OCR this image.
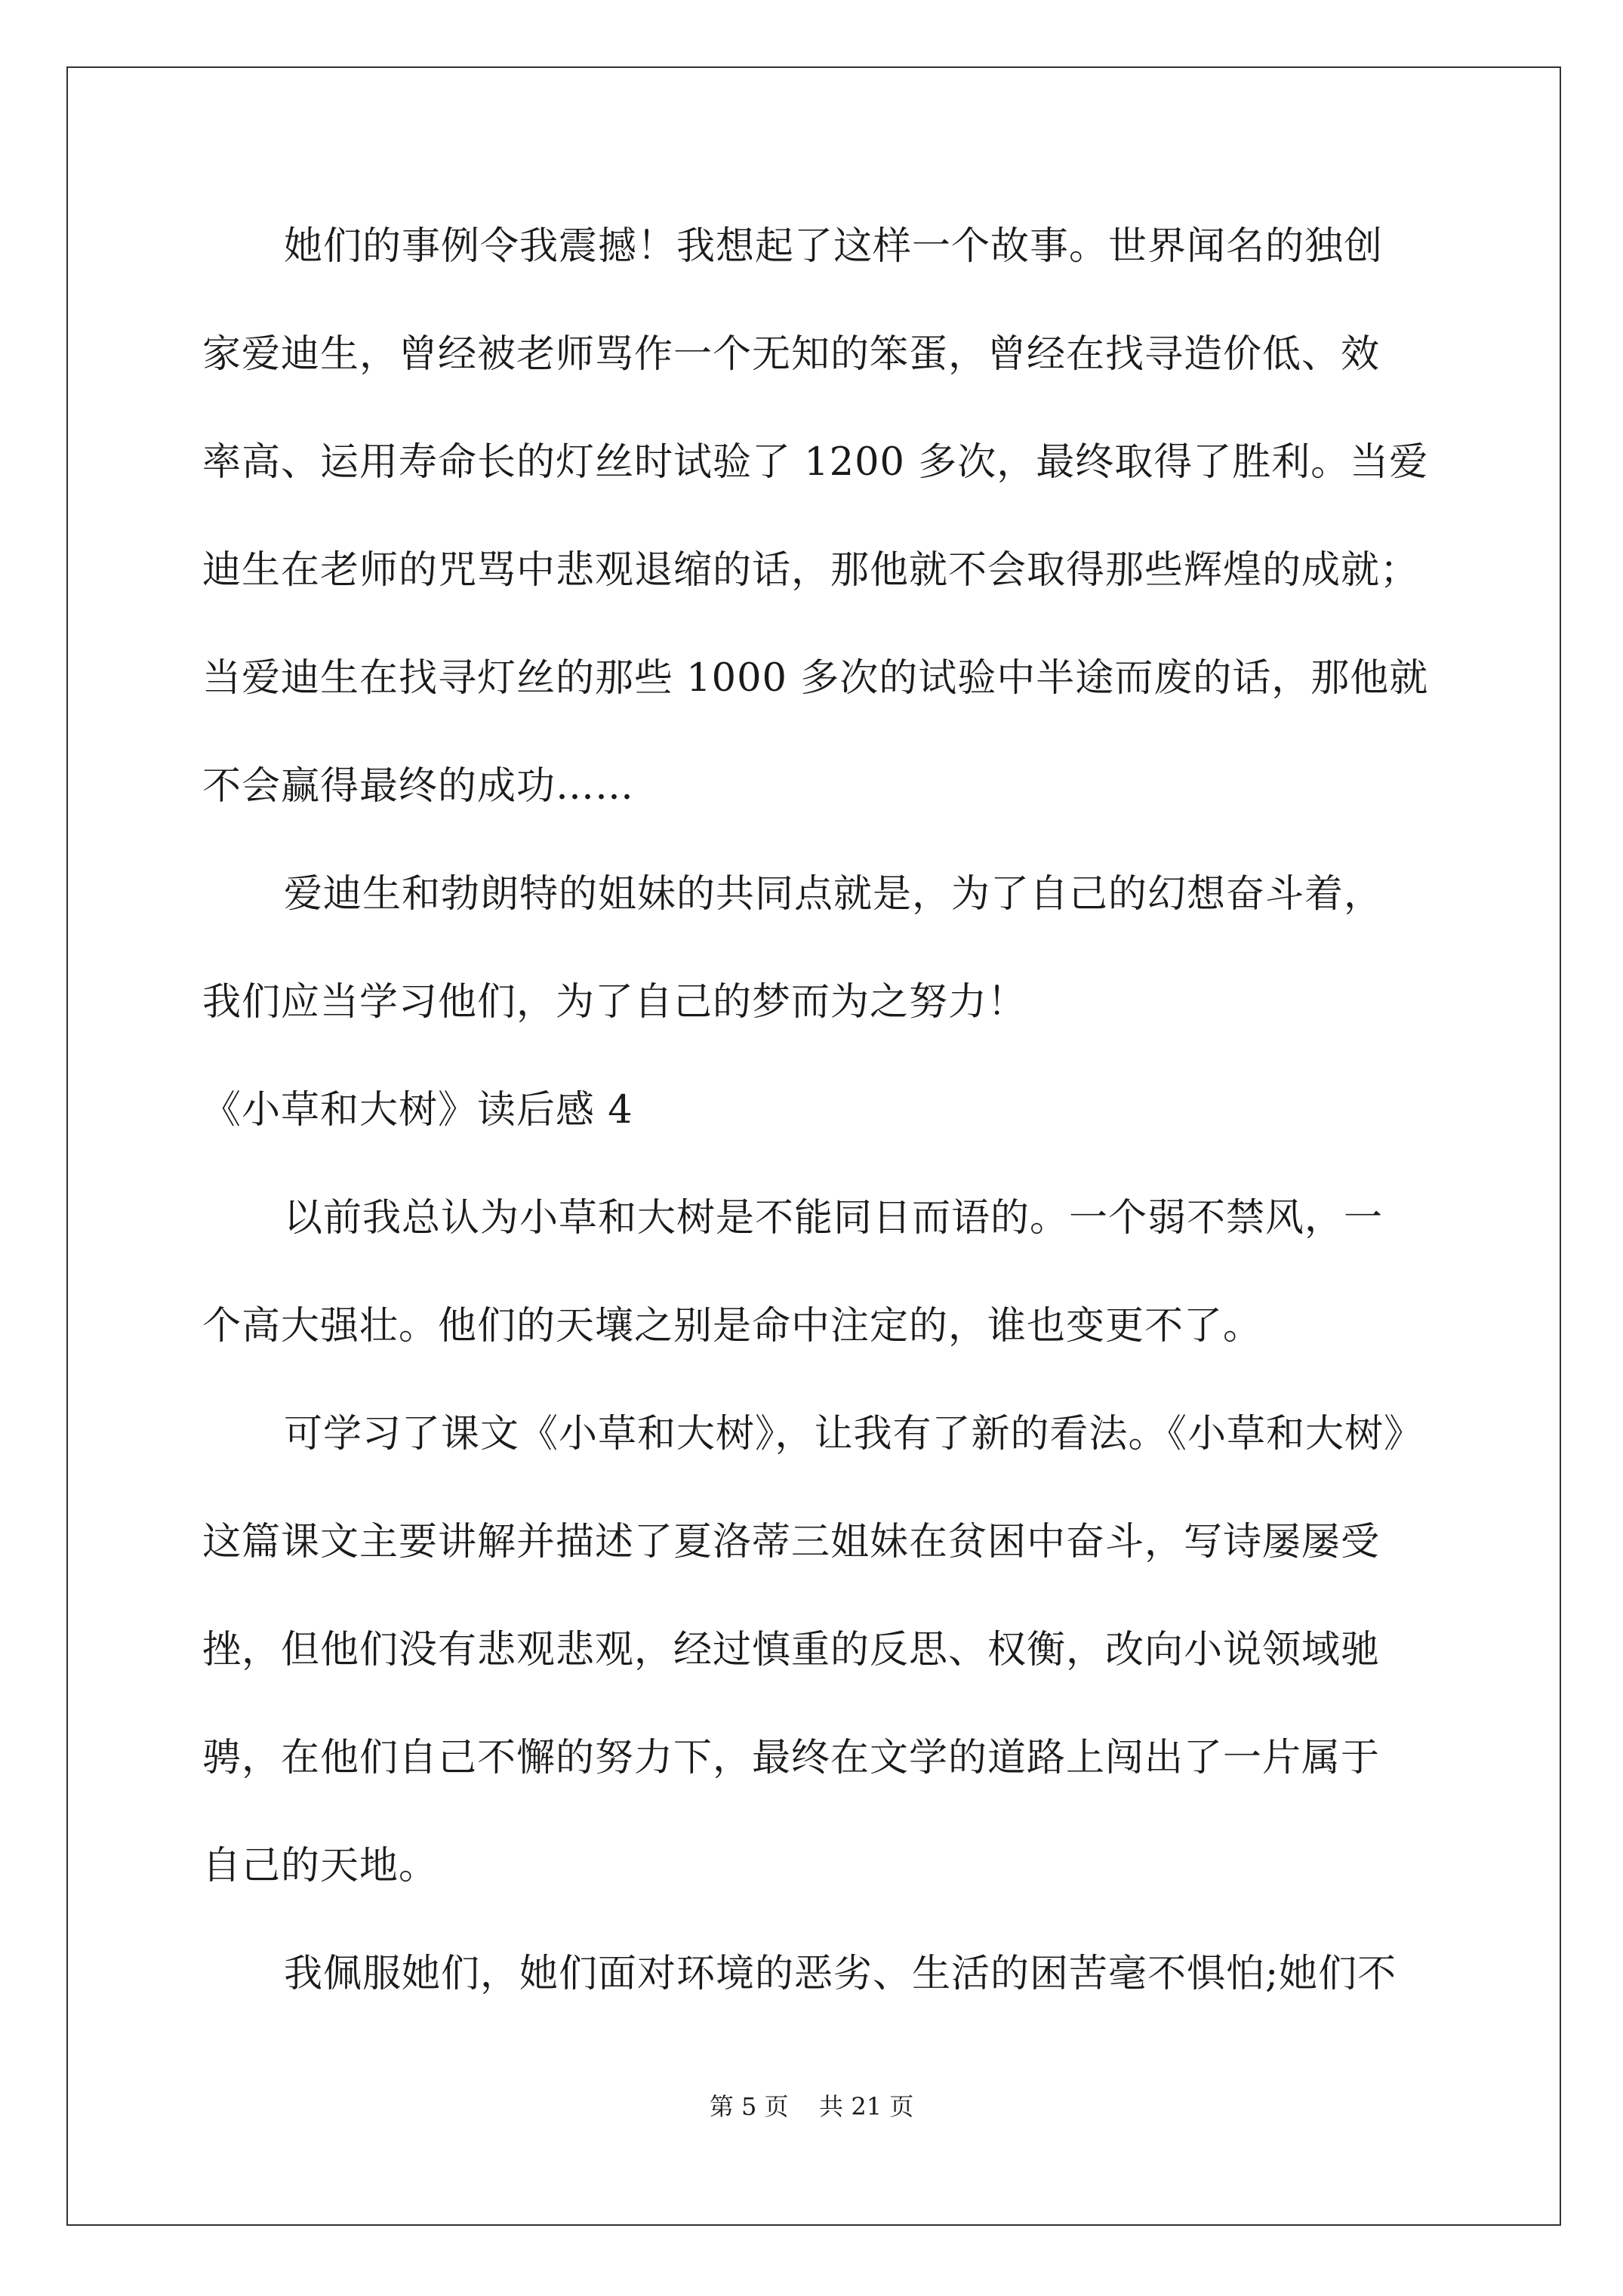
她们的事例令我震撼！我想起了这样一个故事。世界闻名的独创
家爱迪生，曾经被老师骂作一个无知的笨蛋，曾经在找寻造价低、效
率高、运用寿命长的灯丝时试验了 1200 多次，最终取得了胜利。当爱
迪生在老师的咒骂中悲观退缩的话，那他就不会取得那些辉煌的成就；
当爱迪生在找寻灯丝的那些 1000 多次的试验中半途而废的话，那他就
不会赢得最终的成功……
爱迪生和勃朗特的姐妹的共同点就是，为了自己的幻想奋斗着，
我们应当学习他们，为了自己的梦而为之努力！
《小草和大树》读后感 4
以前我总认为小草和大树是不能同日而语的。一个弱不禁风，一
个高大强壮。他们的天壤之别是命中注定的，谁也变更不了。
可学习了课文《小草和大树》，让我有了新的看法。《小草和大树》
这篇课文主要讲解并描述了夏洛蒂三姐妹在贫困中奋斗，写诗屡屡受
挫，但他们没有悲观悲观，经过慎重的反思、权衡，改向小说领域驰
骋，在他们自己不懈的努力下，最终在文学的道路上闯出了一片属于
自己的天地。
我佩服她们，她们面对环境的恶劣、生活的困苦毫不惧怕;她们不
第 5 页    共 21 页
